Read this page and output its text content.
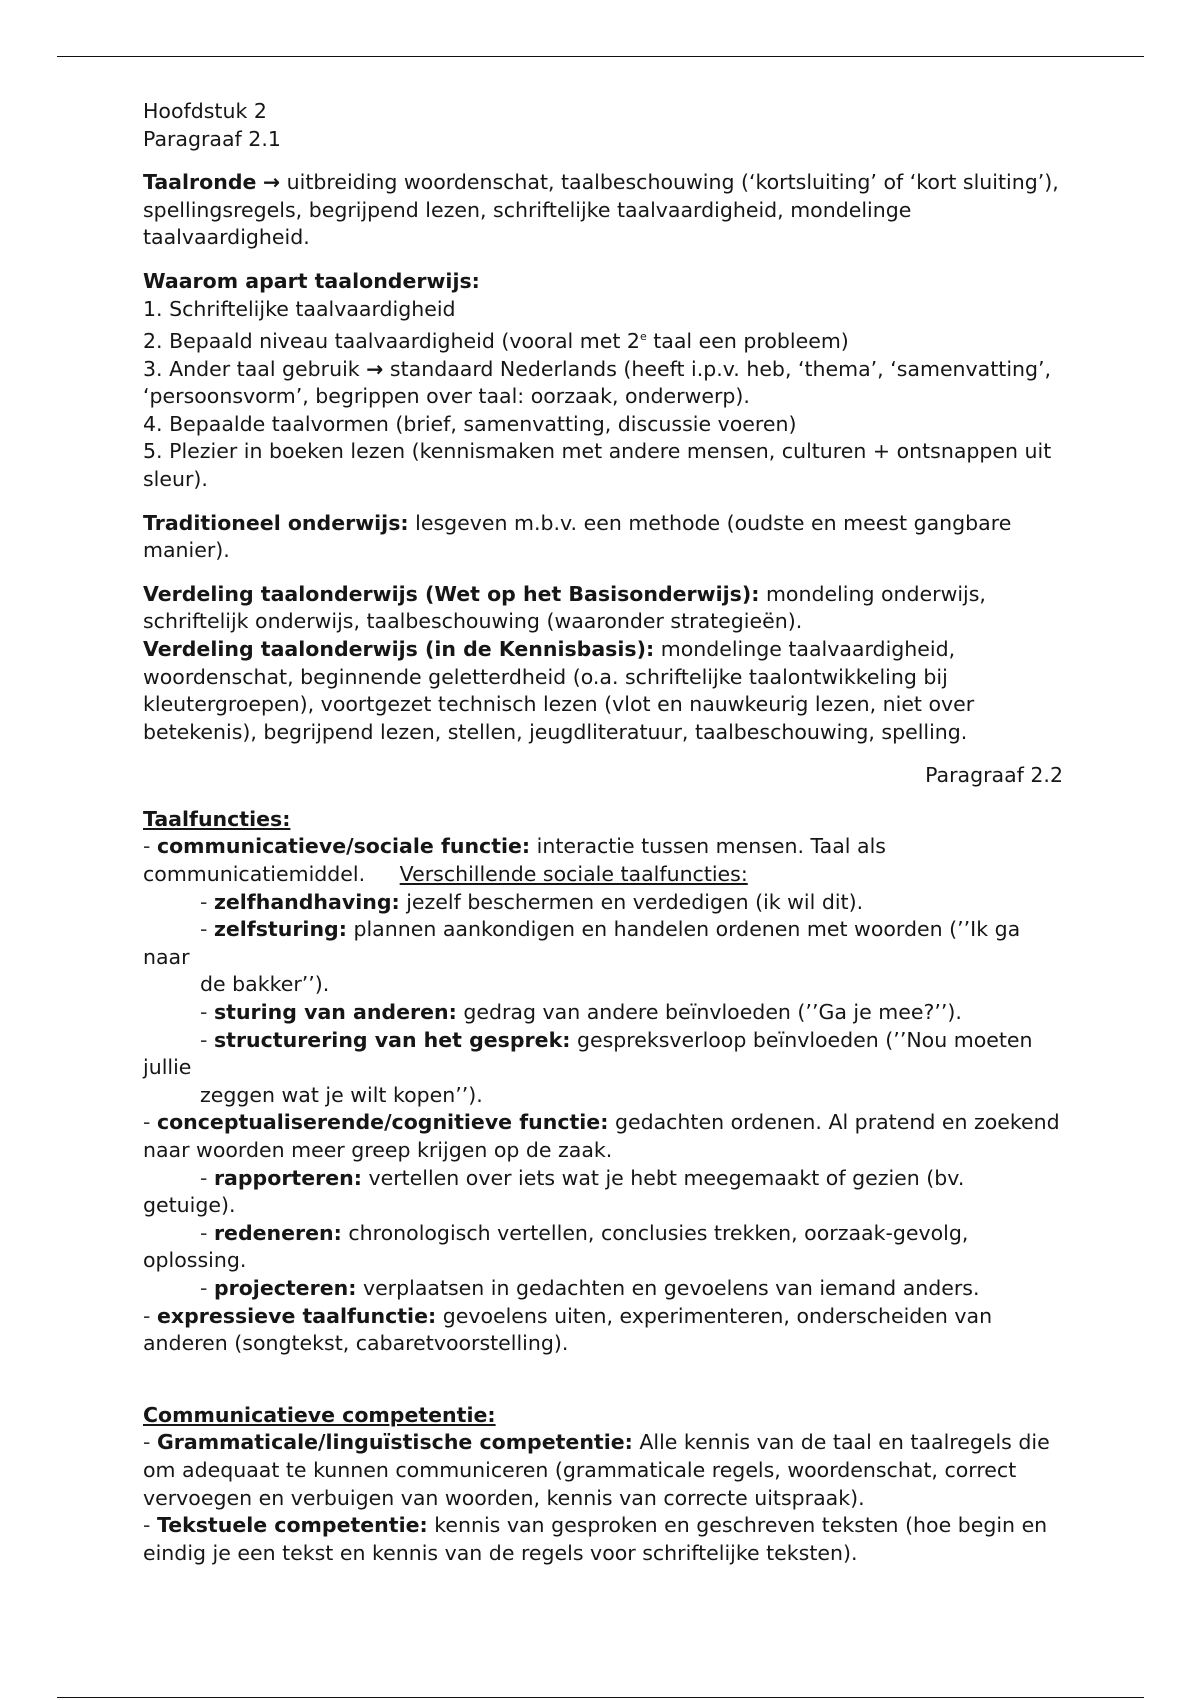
Hoofdstuk 2

Paragraaf 2.1

Taalronde → uitbreiding woordenschat, taalbeschouwing (‘kortsluiting’ of ‘kort sluiting’), spellingsregels, begrijpend lezen, schriftelijke taalvaardigheid, mondelinge taalvaardigheid.

Waarom apart taalonderwijs:

1. Schriftelijke taalvaardigheid

2. Bepaald niveau taalvaardigheid (vooral met 2e taal een probleem)

3. Ander taal gebruik → standaard Nederlands (heeft i.p.v. heb, ‘thema’, ‘samenvatting’, ‘persoonsvorm’, begrippen over taal: oorzaak, onderwerp).

4. Bepaalde taalvormen (brief, samenvatting, discussie voeren)

5. Plezier in boeken lezen (kennismaken met andere mensen, culturen + ontsnappen uit sleur).

Traditioneel onderwijs: lesgeven m.b.v. een methode (oudste en meest gangbare manier).

Verdeling taalonderwijs (Wet op het Basisonderwijs): mondeling onderwijs, schriftelijk onderwijs, taalbeschouwing (waaronder strategieën).

Verdeling taalonderwijs (in de Kennisbasis): mondelinge taalvaardigheid, woordenschat, beginnende geletterdheid (o.a. schriftelijke taalontwikkeling bij kleutergroepen), voortgezet technisch lezen (vlot en nauwkeurig lezen, niet over betekenis), begrijpend lezen, stellen, jeugdliteratuur, taalbeschouwing, spelling.

Paragraaf 2.2

Taalfuncties:

- communicatieve/sociale functie: interactie tussen mensen. Taal als communicatiemiddel. Verschillende sociale taalfuncties:

- zelfhandhaving: jezelf beschermen en verdedigen (ik wil dit).

- zelfsturing: plannen aankondigen en handelen ordenen met woorden (’’Ik ga naar
de bakker’’).

- sturing van anderen: gedrag van andere beïnvloeden (’’Ga je mee?’’).

- structurering van het gesprek: gespreksverloop beïnvloeden (’’Nou moeten jullie
zeggen wat je wilt kopen’’).

- conceptualiserende/cognitieve functie: gedachten ordenen. Al pratend en zoekend naar woorden meer greep krijgen op de zaak.

- rapporteren: vertellen over iets wat je hebt meegemaakt of gezien (bv. getuige).

- redeneren: chronologisch vertellen, conclusies trekken, oorzaak-gevolg, oplossing.

- projecteren: verplaatsen in gedachten en gevoelens van iemand anders.

- expressieve taalfunctie: gevoelens uiten, experimenteren, onderscheiden van anderen (songtekst, cabaretvoorstelling).

Communicatieve competentie:

- Grammaticale/linguïstische competentie: Alle kennis van de taal en taalregels die om adequaat te kunnen communiceren (grammaticale regels, woordenschat, correct vervoegen en verbuigen van woorden, kennis van correcte uitspraak).

- Tekstuele competentie: kennis van gesproken en geschreven teksten (hoe begin en eindig je een tekst en kennis van de regels voor schriftelijke teksten).
